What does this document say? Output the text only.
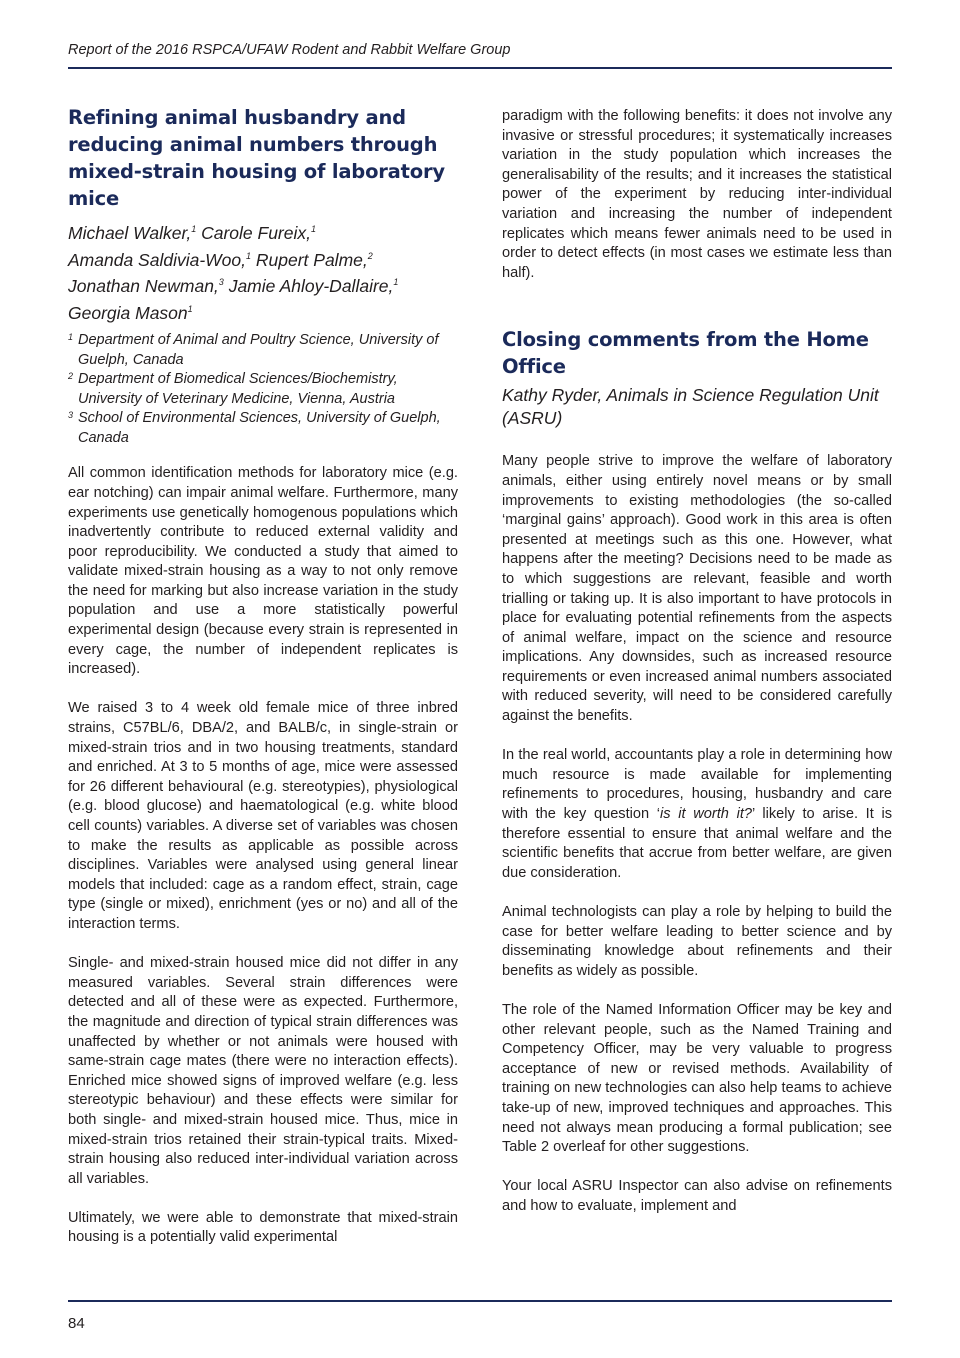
Report of the 2016 RSPCA/UFAW Rodent and Rabbit Welfare Group
Refining animal husbandry and reducing animal numbers through mixed-strain housing of laboratory mice
Michael Walker,$^1$ Carole Fureix,$^1$
Amanda Saldivia-Woo,$^1$ Rupert Palme,$^2$
Jonathan Newman,$^3$ Jamie Ahloy-Dallaire,$^1$
Georgia Mason$^1$
1 Department of Animal and Poultry Science, University of Guelph, Canada
2 Department of Biomedical Sciences/Biochemistry, University of Veterinary Medicine, Vienna, Austria
3 School of Environmental Sciences, University of Guelph, Canada

All common identification methods for laboratory mice (e.g. ear notching) can impair animal welfare. Furthermore, many experiments use genetically homogenous populations which inadvertently contribute to reduced external validity and poor reproducibility. We conducted a study that aimed to validate mixed-strain housing as a way to not only remove the need for marking but also increase variation in the study population and use a more statistically powerful experimental design (because every strain is represented in every cage, the number of independent replicates is increased).

We raised 3 to 4 week old female mice of three inbred strains, C57BL/6, DBA/2, and BALB/c, in single-strain or mixed-strain trios and in two housing treatments, standard and enriched. At 3 to 5 months of age, mice were assessed for 26 different behavioural (e.g. stereotypies), physiological (e.g. blood glucose) and haematological (e.g. white blood cell counts) variables. A diverse set of variables was chosen to make the results as applicable as possible across disciplines. Variables were analysed using general linear models that included: cage as a random effect, strain, cage type (single or mixed), enrichment (yes or no) and all of the interaction terms.

Single- and mixed-strain housed mice did not differ in any measured variables. Several strain differences were detected and all of these were as expected. Furthermore, the magnitude and direction of typical strain differences was unaffected by whether or not animals were housed with same-strain cage mates (there were no interaction effects). Enriched mice showed signs of improved welfare (e.g. less stereotypic behaviour) and these effects were similar for both single- and mixed-strain housed mice. Thus, mice in mixed-strain trios retained their strain-typical traits. Mixed-strain housing also reduced inter-individual variation across all variables.

Ultimately, we were able to demonstrate that mixed-strain housing is a potentially valid experimental

paradigm with the following benefits: it does not involve any invasive or stressful procedures; it systematically increases variation in the study population which increases the generalisability of the results; and it increases the statistical power of the experiment by reducing inter-individual variation and increasing the number of independent replicates which means fewer animals need to be used in order to detect effects (in most cases we estimate less than half).

Closing comments from the Home Office
Kathy Ryder, Animals in Science Regulation Unit (ASRU)

Many people strive to improve the welfare of laboratory animals, either using entirely novel means or by small improvements to existing methodologies (the so-called ‘marginal gains’ approach). Good work in this area is often presented at meetings such as this one. However, what happens after the meeting? Decisions need to be made as to which suggestions are relevant, feasible and worth trialling or taking up. It is also important to have protocols in place for evaluating potential refinements from the aspects of animal welfare, impact on the science and resource implications. Any downsides, such as increased resource requirements or even increased animal numbers associated with reduced severity, will need to be considered carefully against the benefits.

In the real world, accountants play a role in determining how much resource is made available for implementing refinements to procedures, housing, husbandry and care with the key question ‘is it worth it?’ likely to arise. It is therefore essential to ensure that animal welfare and the scientific benefits that accrue from better welfare, are given due consideration.

Animal technologists can play a role by helping to build the case for better welfare leading to better science and by disseminating knowledge about refinements and their benefits as widely as possible.

The role of the Named Information Officer may be key and other relevant people, such as the Named Training and Competency Officer, may be very valuable to progress acceptance of new or revised methods. Availability of training on new technologies can also help teams to achieve take-up of new, improved techniques and approaches. This need not always mean producing a formal publication; see Table 2 overleaf for other suggestions.

Your local ASRU Inspector can also advise on refinements and how to evaluate, implement and

84
